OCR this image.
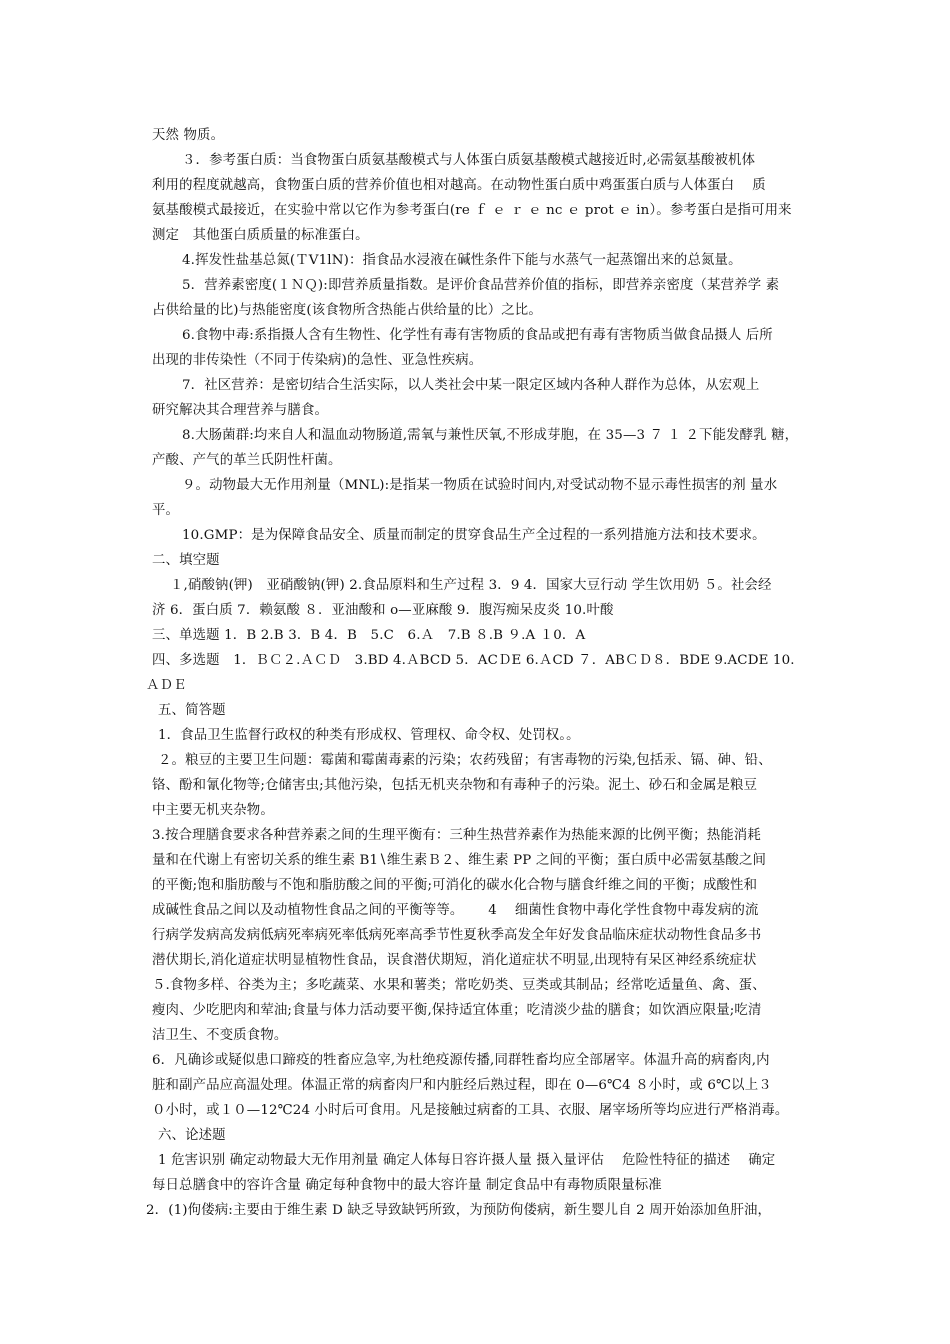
天然 物质。
３．参考蛋白质：当食物蛋白质氨基酸模式与人体蛋白质氨基酸模式越接近时,必需氨基酸被机体
利用的程度就越高，食物蛋白质的营养价值也相对越高。在动物性蛋白质中鸡蛋蛋白质与人体蛋白　 质
氨基酸模式最接近，在实验中常以它作为参考蛋白(re ｆ ｅ ｒ ｅ nc ｅ prot ｅ in）。参考蛋白是指可用来
测定　其他蛋白质质量的标准蛋白。
4.挥发性盐基总氮(ＴV1lN)：指食品水浸液在碱性条件下能与水蒸气一起蒸馏出来的总氮量。
5．营养素密度(１ＮＱ):即营养质量指数。是评价食品营养价值的指标，即营养亲密度（某营养学 素
占供给量的比)与热能密度(该食物所含热能占供给量的比）之比。
6.食物中毒:系指摄人含有生物性、化学性有毒有害物质的食品或把有毒有害物质当做食品摄人 后所
出现的非传染性（不同于传染病)的急性、亚急性疾病。
7．社区营养：是密切结合生活实际，以人类社会中某一限定区域内各种人群作为总体，从宏观上
研究解决其合理营养与膳食。
8.大肠菌群:均来自人和温血动物肠道,需氧与兼性厌氧,不形成芽胞，在 35—3 ７ １ ２下能发酵乳 糖，
产酸、产气的革兰氏阴性杆菌。
９。动物最大无作用剂量（MNL):是指某一物质在试验时间内,对受试动物不显示毒性损害的剂 量水
平。
10.GMP：是为保障食品安全、质量而制定的贯穿食品生产全过程的一系列措施方法和技术要求。
二、填空题
１,硝酸钠(钾)　亚硝酸钠(钾) 2.食品原料和生产过程 3．9 4．国家大豆行动 学生饮用奶 ５。社会经
济 6．蛋白质 7．赖氨酸 ８．亚油酸和 o—亚麻酸 9．腹泻痴呆皮炎 10.叶酸
三、单选题 1．B 2.B 3．B 4．B　5.C　6.Ａ　7.B ８.B ９.A １0．A
四、多选题　1．ＢＣ２.ＡＣＤ　3.BD 4.ＡBCD 5．ACＤE 6.ＡCD ７．ABＣＤ８．BDE 9.ACDE 10.
ＡＤＥ
五、简答题
1．食品卫生监督行政权的种类有形成权、管理权、命令权、处罚权。。
２。粮豆的主要卫生问题：霉菌和霉菌毒素的污染；农药残留；有害毒物的污染,包括汞、镉、砷、铅、
铬、酚和氰化物等;仓储害虫;其他污染，包括无机夹杂物和有毒种子的污染。泥土、砂石和金属是粮豆
中主要无机夹杂物。
3.按合理膳食要求各种营养素之间的生理平衡有：三种生热营养素作为热能来源的比例平衡；热能消耗
量和在代谢上有密切关系的维生素 B1∖维生素Ｂ２、维生素 PP 之间的平衡；蛋白质中必需氨基酸之间
的平衡;饱和脂肪酸与不饱和脂肪酸之间的平衡;可消化的碳水化合物与膳食纤维之间的平衡；成酸性和
成碱性食品之间以及动植物性食品之间的平衡等等。　　 4　 细菌性食物中毒化学性食物中毒发病的流
行病学发病高发病低病死率病死率低病死率高季节性夏秋季高发全年好发食品临床症状动物性食品多书
潜伏期长,消化道症状明显植物性食品，误食潜伏期短，消化道症状不明显,出现特有呆区神经系统症状
５.食物多样、谷类为主；多吃蔬菜、水果和薯类；常吃奶类、豆类或其制品；经常吃适量鱼、禽、蛋、
瘦肉、少吃肥肉和荤油;食量与体力活动要平衡,保持适宜体重；吃清淡少盐的膳食；如饮酒应限量;吃清
洁卫生、不变质食物。
6．凡确诊或疑似患口蹄疫的牲畜应急宰,为杜绝疫源传播,同群牲畜均应全部屠宰。体温升高的病畜肉,内
脏和副产品应高温处理。体温正常的病畜肉尸和内脏经后熟过程，即在 0—6℃4 ８小时，或 6℃以上３
０小时，或１０—12℃24 小时后可食用。凡是接触过病畜的工具、衣服、屠宰场所等均应进行严格消毒。
六、论述题
1 危害识别 确定动物最大无作用剂量 确定人体每日容许摄人量 摄入量评估　 危险性特征的描述　 确定
每日总膳食中的容许含量 确定每种食物中的最大容许量 制定食品中有毒物质限量标准
2．(1)佝偻病:主要由于维生素 D 缺乏导致缺钙所致，为预防佝偻病，新生婴儿自 2 周开始添加鱼肝油，
